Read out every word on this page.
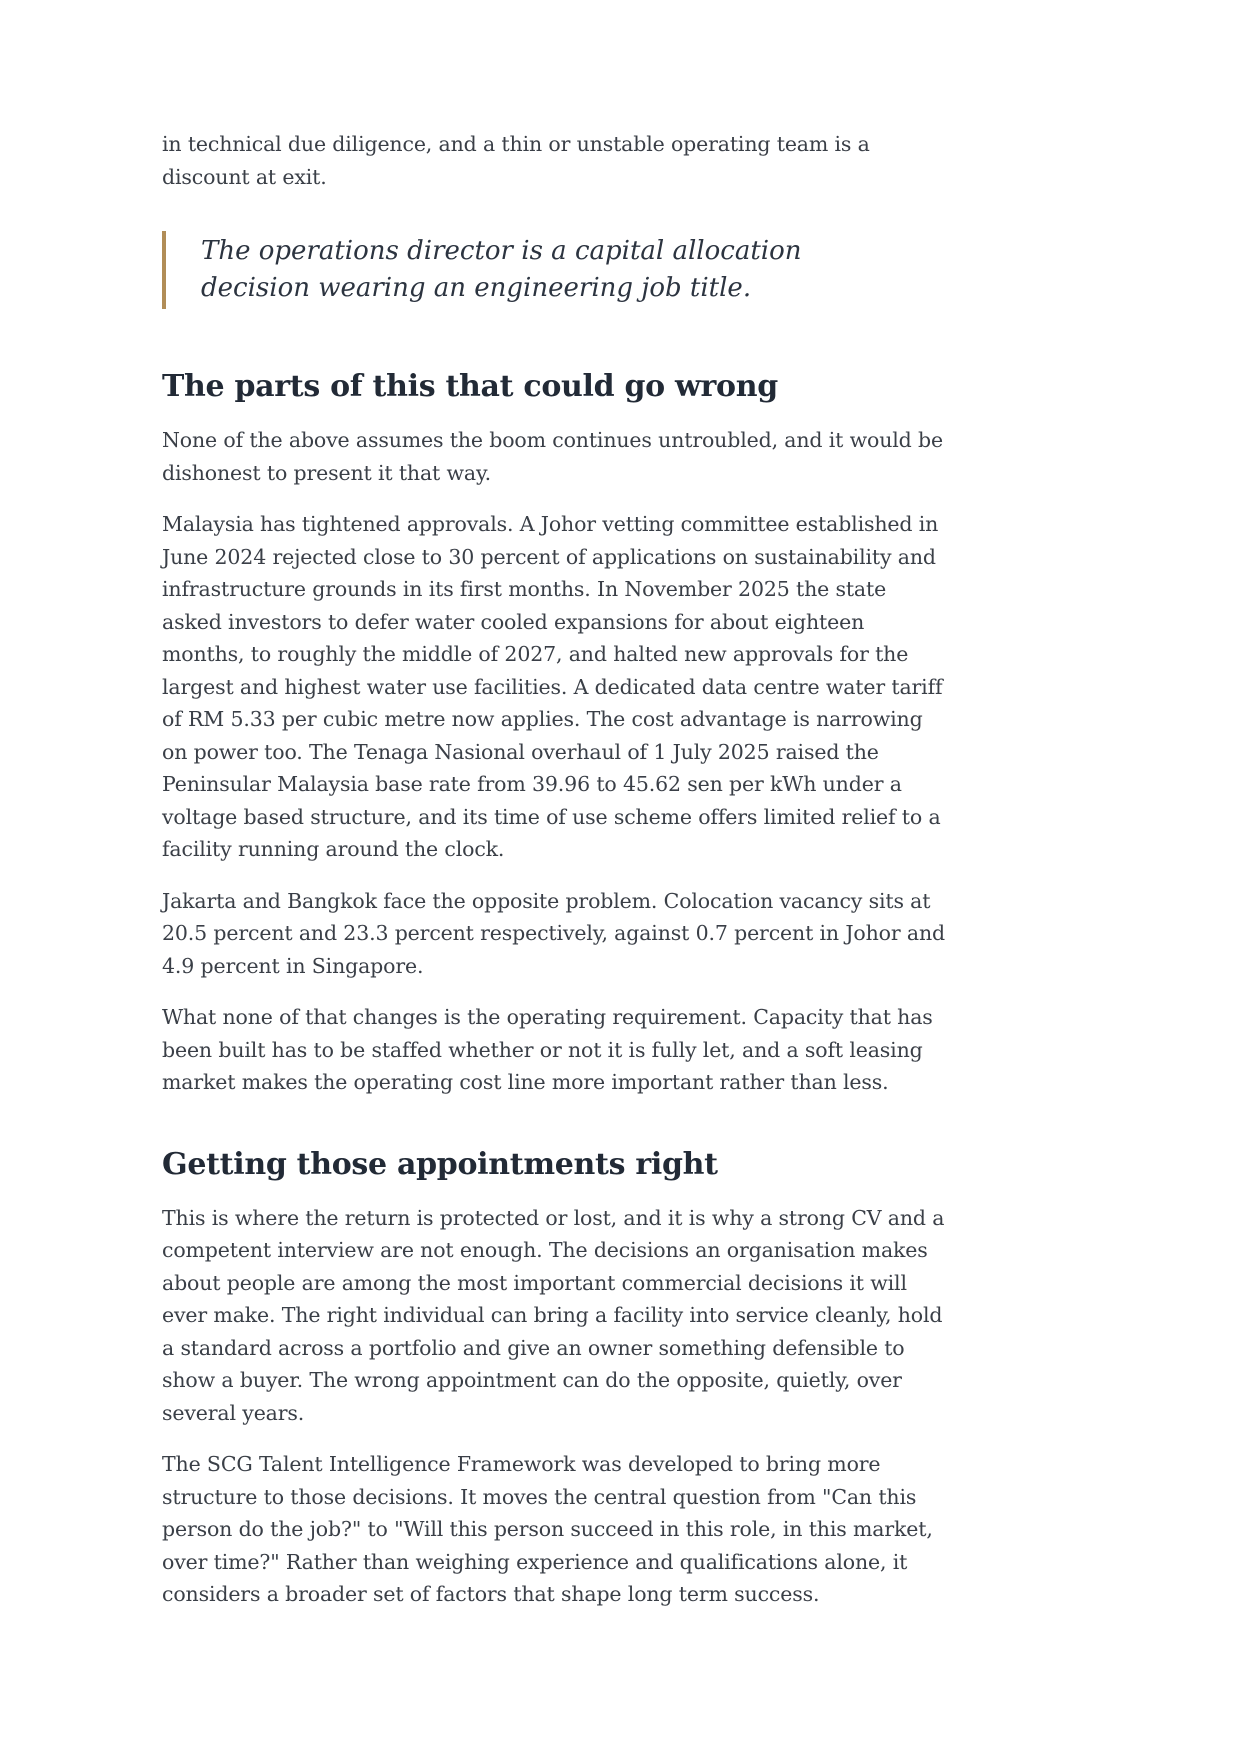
in technical due diligence, and a thin or unstable operating team is a discount at exit.

The operations director is a capital allocation decision wearing an engineering job title.
The parts of this that could go wrong

None of the above assumes the boom continues untroubled, and it would be dishonest to present it that way.

Malaysia has tightened approvals. A Johor vetting committee established in June 2024 rejected close to 30 percent of applications on sustainability and infrastructure grounds in its first months. In November 2025 the state asked investors to defer water cooled expansions for about eighteen months, to roughly the middle of 2027, and halted new approvals for the largest and highest water use facilities. A dedicated data centre water tariff of RM 5.33 per cubic metre now applies. The cost advantage is narrowing on power too. The Tenaga Nasional overhaul of 1 July 2025 raised the Peninsular Malaysia base rate from 39.96 to 45.62 sen per kWh under a voltage based structure, and its time of use scheme offers limited relief to a facility running around the clock.

Jakarta and Bangkok face the opposite problem. Colocation vacancy sits at 20.5 percent and 23.3 percent respectively, against 0.7 percent in Johor and 4.9 percent in Singapore.

What none of that changes is the operating requirement. Capacity that has been built has to be staffed whether or not it is fully let, and a soft leasing market makes the operating cost line more important rather than less.

Getting those appointments right

This is where the return is protected or lost, and it is why a strong CV and a competent interview are not enough. The decisions an organisation makes about people are among the most important commercial decisions it will ever make. The right individual can bring a facility into service cleanly, hold a standard across a portfolio and give an owner something defensible to show a buyer. The wrong appointment can do the opposite, quietly, over several years.

The SCG Talent Intelligence Framework was developed to bring more structure to those decisions. It moves the central question from "Can this person do the job?" to "Will this person succeed in this role, in this market, over time?" Rather than weighing experience and qualifications alone, it considers a broader set of factors that shape long term success.
